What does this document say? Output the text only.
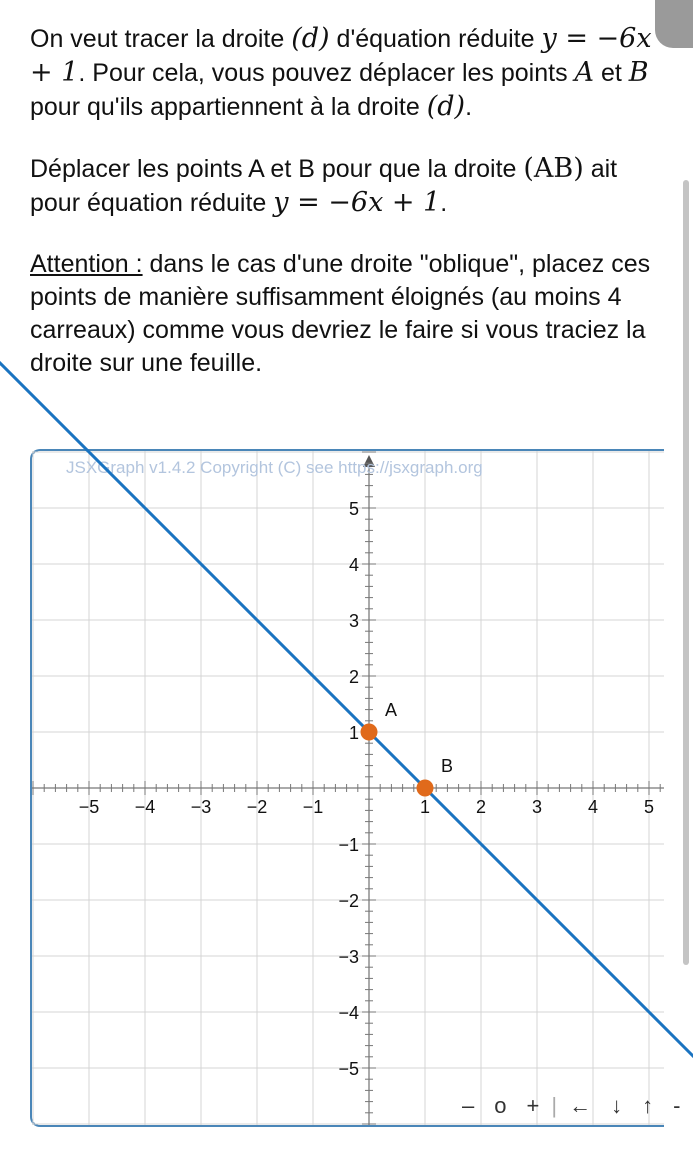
On veut tracer la droite (d) d'équation réduite y = −6x + 1. Pour cela, vous pouvez déplacer les points A et B pour qu'ils appartiennent à la droite (d).

Déplacer les points A et B pour que la droite (AB) ait pour équation réduite y = −6x + 1.

Attention : dans le cas d'une droite "oblique", placez ces points de manière suffisamment éloignés (au moins 4 carreaux) comme vous devriez le faire si vous traciez la droite sur une feuille.

−5 −4 −3 −2 −1	1	2	3	4	5
−5
−4
−3
−2
−1
1
2
3
4
5
JSXGraph v1.4.2 Copyright (C) see https://jsxgraph.org
A
B
– o + | ← ↓ ↑ -
